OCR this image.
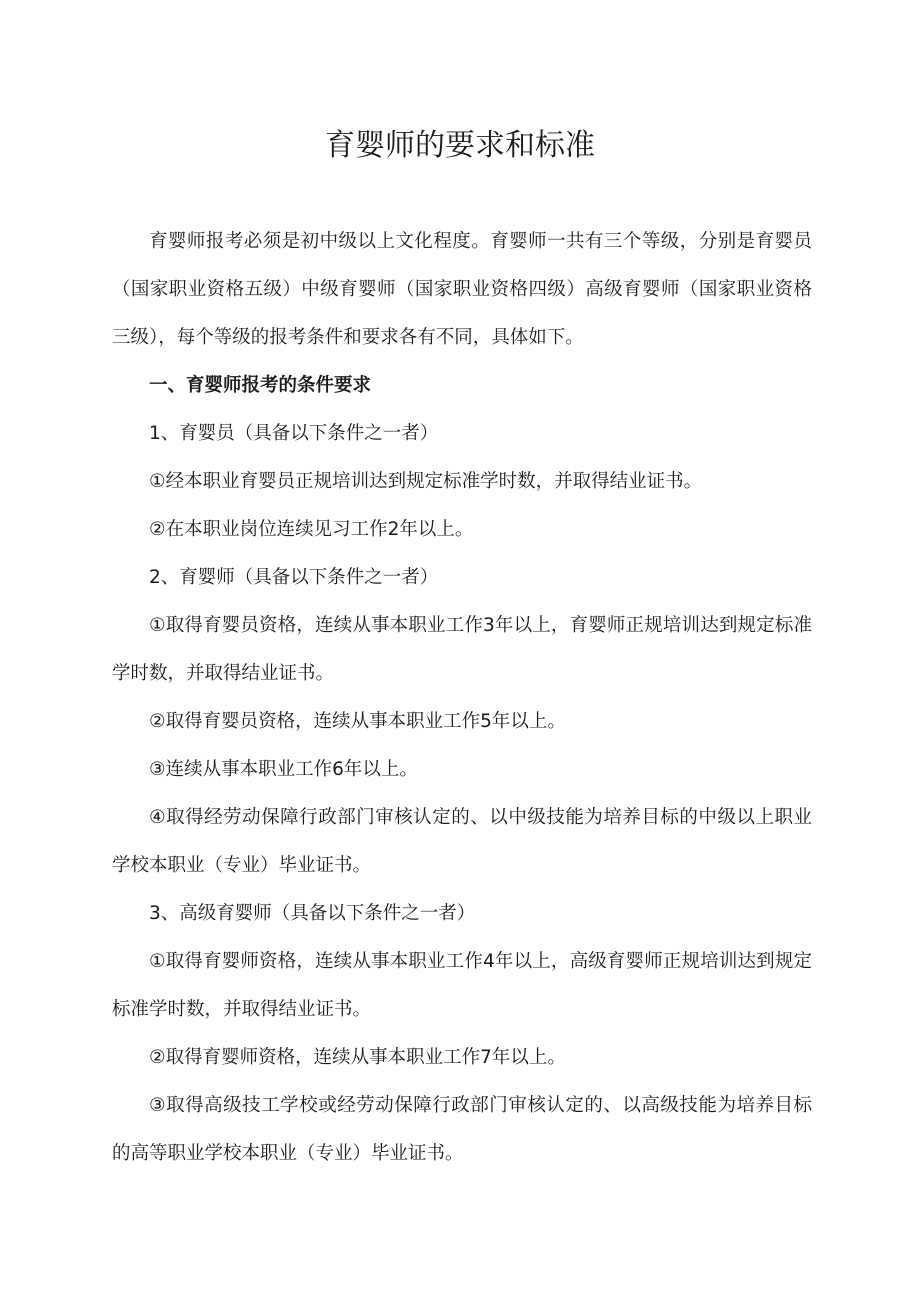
育婴师的要求和标准

育婴师报考必须是初中级以上文化程度。育婴师一共有三个等级，分别是育婴员（国家职业资格五级）中级育婴师（国家职业资格四级）高级育婴师（国家职业资格三级），每个等级的报考条件和要求各有不同，具体如下。

一、育婴师报考的条件要求

1、育婴员（具备以下条件之一者）

①经本职业育婴员正规培训达到规定标准学时数，并取得结业证书。

②在本职业岗位连续见习工作2年以上。

2、育婴师（具备以下条件之一者）

①取得育婴员资格，连续从事本职业工作3年以上，育婴师正规培训达到规定标准学时数，并取得结业证书。

②取得育婴员资格，连续从事本职业工作5年以上。

③连续从事本职业工作6年以上。

④取得经劳动保障行政部门审核认定的、以中级技能为培养目标的中级以上职业学校本职业（专业）毕业证书。

3、高级育婴师（具备以下条件之一者）

①取得育婴师资格，连续从事本职业工作4年以上，高级育婴师正规培训达到规定标准学时数，并取得结业证书。

②取得育婴师资格，连续从事本职业工作7年以上。

③取得高级技工学校或经劳动保障行政部门审核认定的、以高级技能为培养目标的高等职业学校本职业（专业）毕业证书。
